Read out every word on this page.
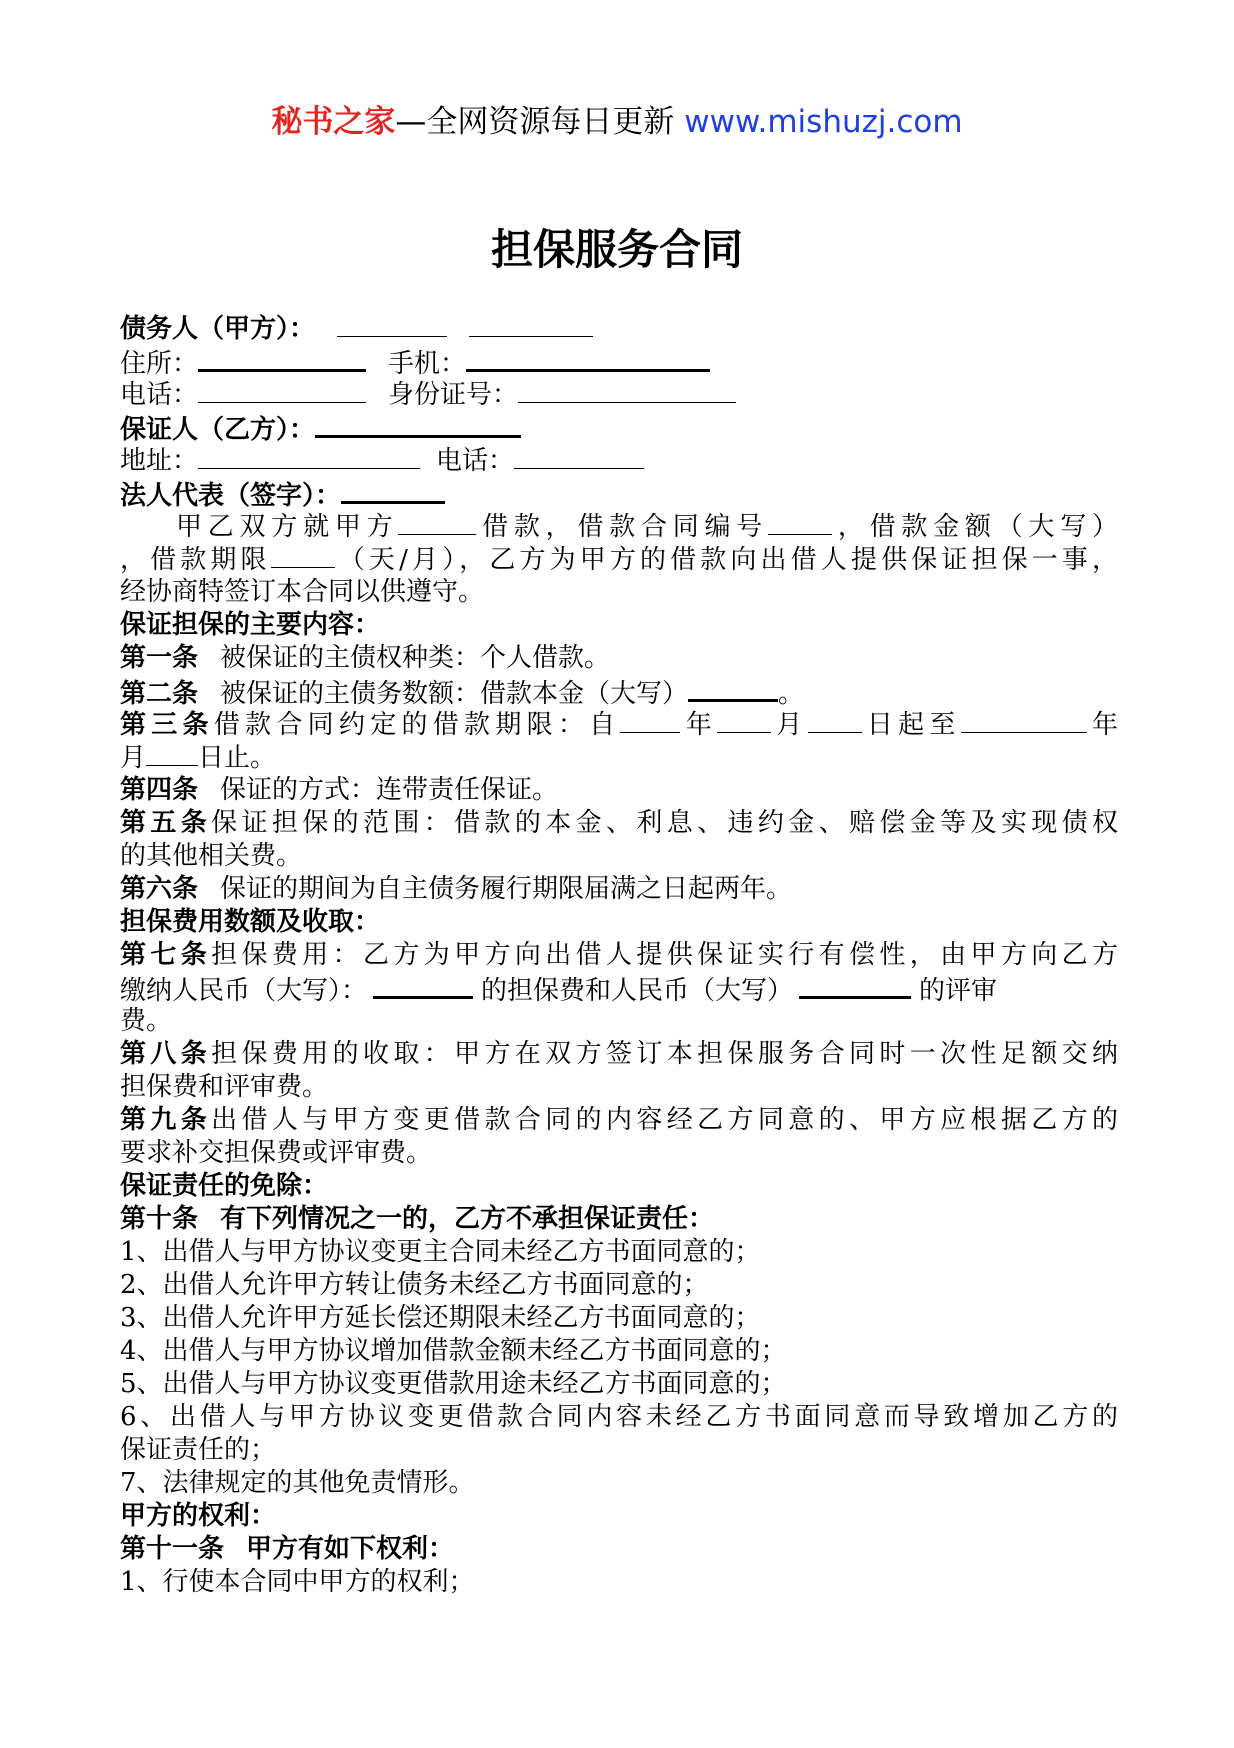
秘书之家—全网资源每日更新 www.mishuzj.com
担保服务合同
债务人（甲方）：
住所：	手机：
电话：	身份证号：
保证人（乙方）：
地址：	电话：
法人代表（签字）：
甲乙双方就甲方	借款，借款合同编号 ，借款金额（大写）
，借款期限 （天/月），乙方为甲方的借款向出借人提供保证担保一事，
经协商特签订本合同以供遵守。
保证担保的主要内容：
第一条 被保证的主债权种类：个人借款。
第二条 被保证的主债务数额：借款本金（大写）	。
第三条借款合同约定的借款期限：自 年 月 日起至	年
月 日止。
第四条 保证的方式：连带责任保证。
第五条保证担保的范围：借款的本金、利息、违约金、赔偿金等及实现债权
的其他相关费。
第六条 保证的期间为自主债务履行期限届满之日起两年。
担保费用数额及收取：
第七条担保费用：乙方为甲方向出借人提供保证实行有偿性，由甲方向乙方
缴纳人民币（大写）：	的担保费和人民币（大写）	的评审
费。
第八条担保费用的收取：甲方在双方签订本担保服务合同时一次性足额交纳
担保费和评审费。
第九条出借人与甲方变更借款合同的内容经乙方同意的、甲方应根据乙方的
要求补交担保费或评审费。
保证责任的免除：
第十条 有下列情况之一的，乙方不承担保证责任：
1、出借人与甲方协议变更主合同未经乙方书面同意的；
2、出借人允许甲方转让债务未经乙方书面同意的；
3、出借人允许甲方延长偿还期限未经乙方书面同意的；
4、出借人与甲方协议增加借款金额未经乙方书面同意的；
5、出借人与甲方协议变更借款用途未经乙方书面同意的；
6、出借人与甲方协议变更借款合同内容未经乙方书面同意而导致增加乙方的
保证责任的；
7、法律规定的其他免责情形。
甲方的权利：
第十一条 甲方有如下权利：
1、行使本合同中甲方的权利；
